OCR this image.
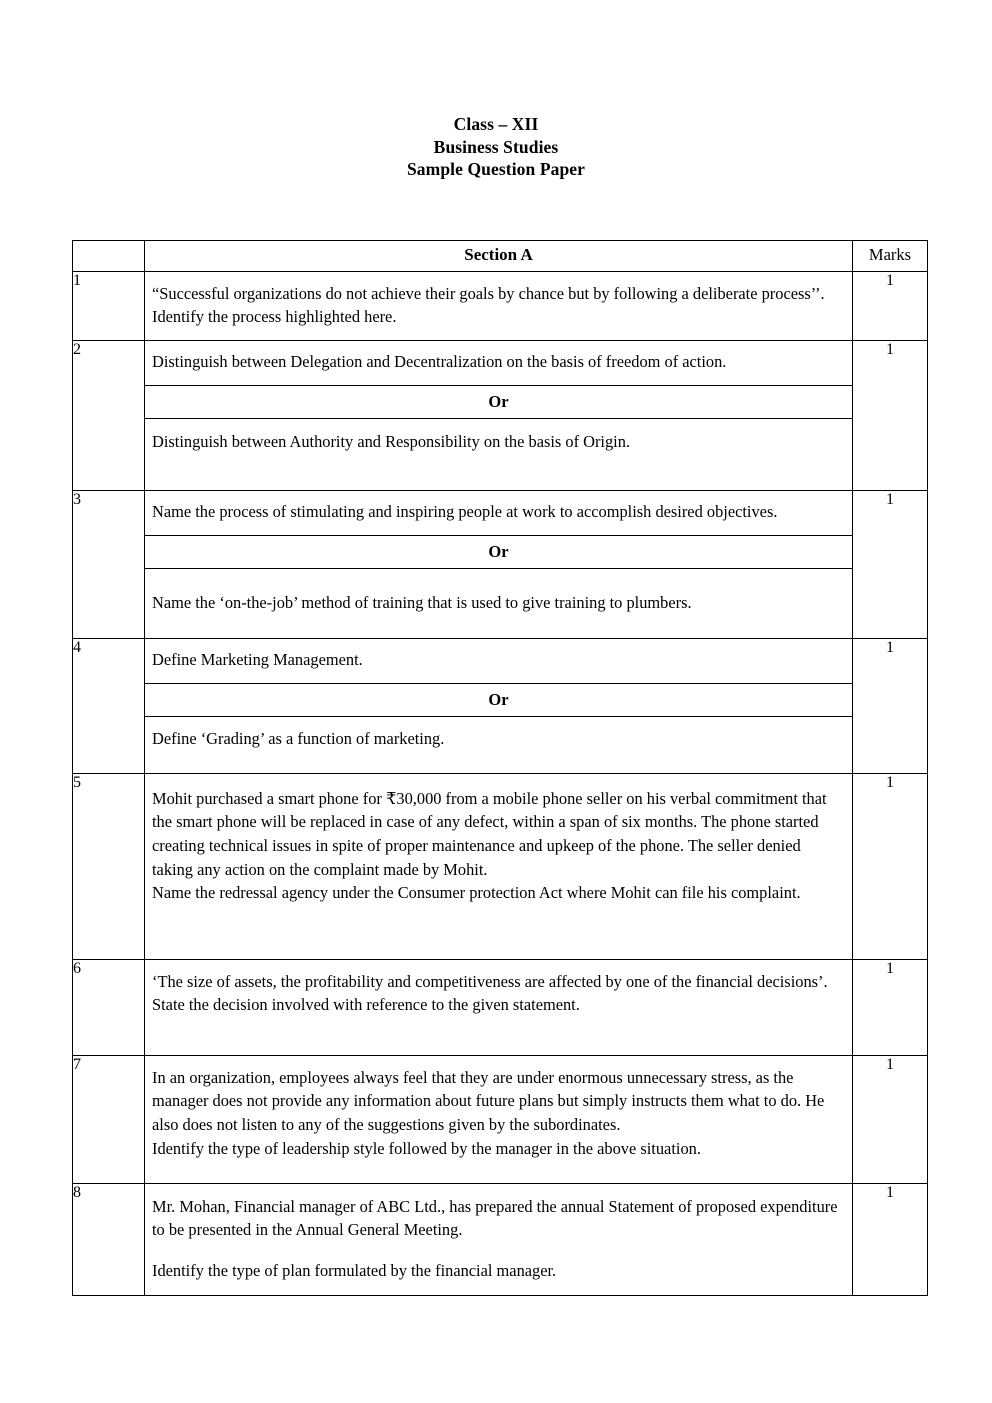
Class – XII
Business Studies
Sample Question Paper
	Section A	Marks
1	

“Successful organizations do not achieve their goals by chance but by following a deliberate process’’. Identify the process highlighted here.

	1
2	
Distinguish between Delegation and Decentralization on the basis of freedom of action.
Or
Distinguish between Authority and Responsibility on the basis of Origin.
	1
3	
Name the process of stimulating and inspiring people at work to accomplish desired objectives.
Or
Name the ‘on-the-job’ method of training that is used to give training to plumbers.
	1
4	
Define Marketing Management.
Or
Define ‘Grading’ as a function of marketing.
	1
5	

Mohit purchased a smart phone for ₹30,000 from a mobile phone seller on his verbal commitment that the smart phone will be replaced in case of any defect, within a span of six months. The phone started creating technical issues in spite of proper maintenance and upkeep of the phone. The seller denied taking any action on the complaint made by Mohit.

Name the redressal agency under the Consumer protection Act where Mohit can file his complaint.

	1
6	

‘The size of assets, the profitability and competitiveness are affected by one of the financial decisions’.

State the decision involved with reference to the given statement.

	1
7	

In an organization, employees always feel that they are under enormous unnecessary stress, as the manager does not provide any information about future plans but simply instructs them what to do. He also does not listen to any of the suggestions given by the subordinates.

Identify the type of leadership style followed by the manager in the above situation.

	1
8	

Mr. Mohan, Financial manager of ABC Ltd., has prepared the annual Statement of proposed expenditure to be presented in the Annual General Meeting.

Identify the type of plan formulated by the financial manager.

	1
